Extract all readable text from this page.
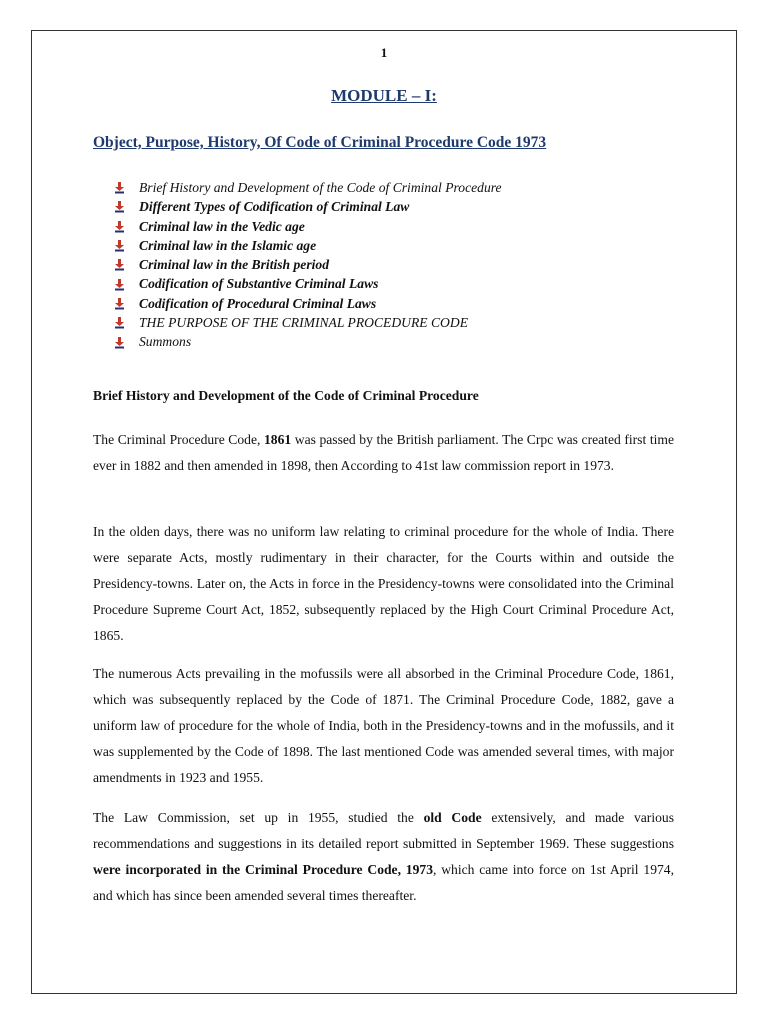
1
MODULE – I:
Object, Purpose, History, Of Code of Criminal Procedure Code 1973
Brief History and Development of the Code of Criminal Procedure
Different Types of Codification of Criminal Law
Criminal law in the Vedic age
Criminal law in the Islamic age
Criminal law in the British period
Codification of Substantive Criminal Laws
Codification of Procedural Criminal Laws
THE PURPOSE OF THE CRIMINAL PROCEDURE CODE
Summons
Brief History and Development of the Code of Criminal Procedure

The Criminal Procedure Code, 1861 was passed by the British parliament. The Crpc was created first time ever in 1882 and then amended in 1898, then According to 41st law commission report in 1973.

In the olden days, there was no uniform law relating to criminal procedure for the whole of India. There were separate Acts, mostly rudimentary in their character, for the Courts within and outside the Presidency-towns. Later on, the Acts in force in the Presidency-towns were consolidated into the Criminal Procedure Supreme Court Act, 1852, subsequently replaced by the High Court Criminal Procedure Act, 1865.

The numerous Acts prevailing in the mofussils were all absorbed in the Criminal Procedure Code, 1861, which was subsequently replaced by the Code of 1871. The Criminal Procedure Code, 1882, gave a uniform law of procedure for the whole of India, both in the Presidency-towns and in the mofussils, and it was supplemented by the Code of 1898. The last mentioned Code was amended several times, with major amendments in 1923 and 1955.

The Law Commission, set up in 1955, studied the old Code extensively, and made various recommendations and suggestions in its detailed report submitted in September 1969. These suggestions were incorporated in the Criminal Procedure Code, 1973, which came into force on 1st April 1974, and which has since been amended several times thereafter.
